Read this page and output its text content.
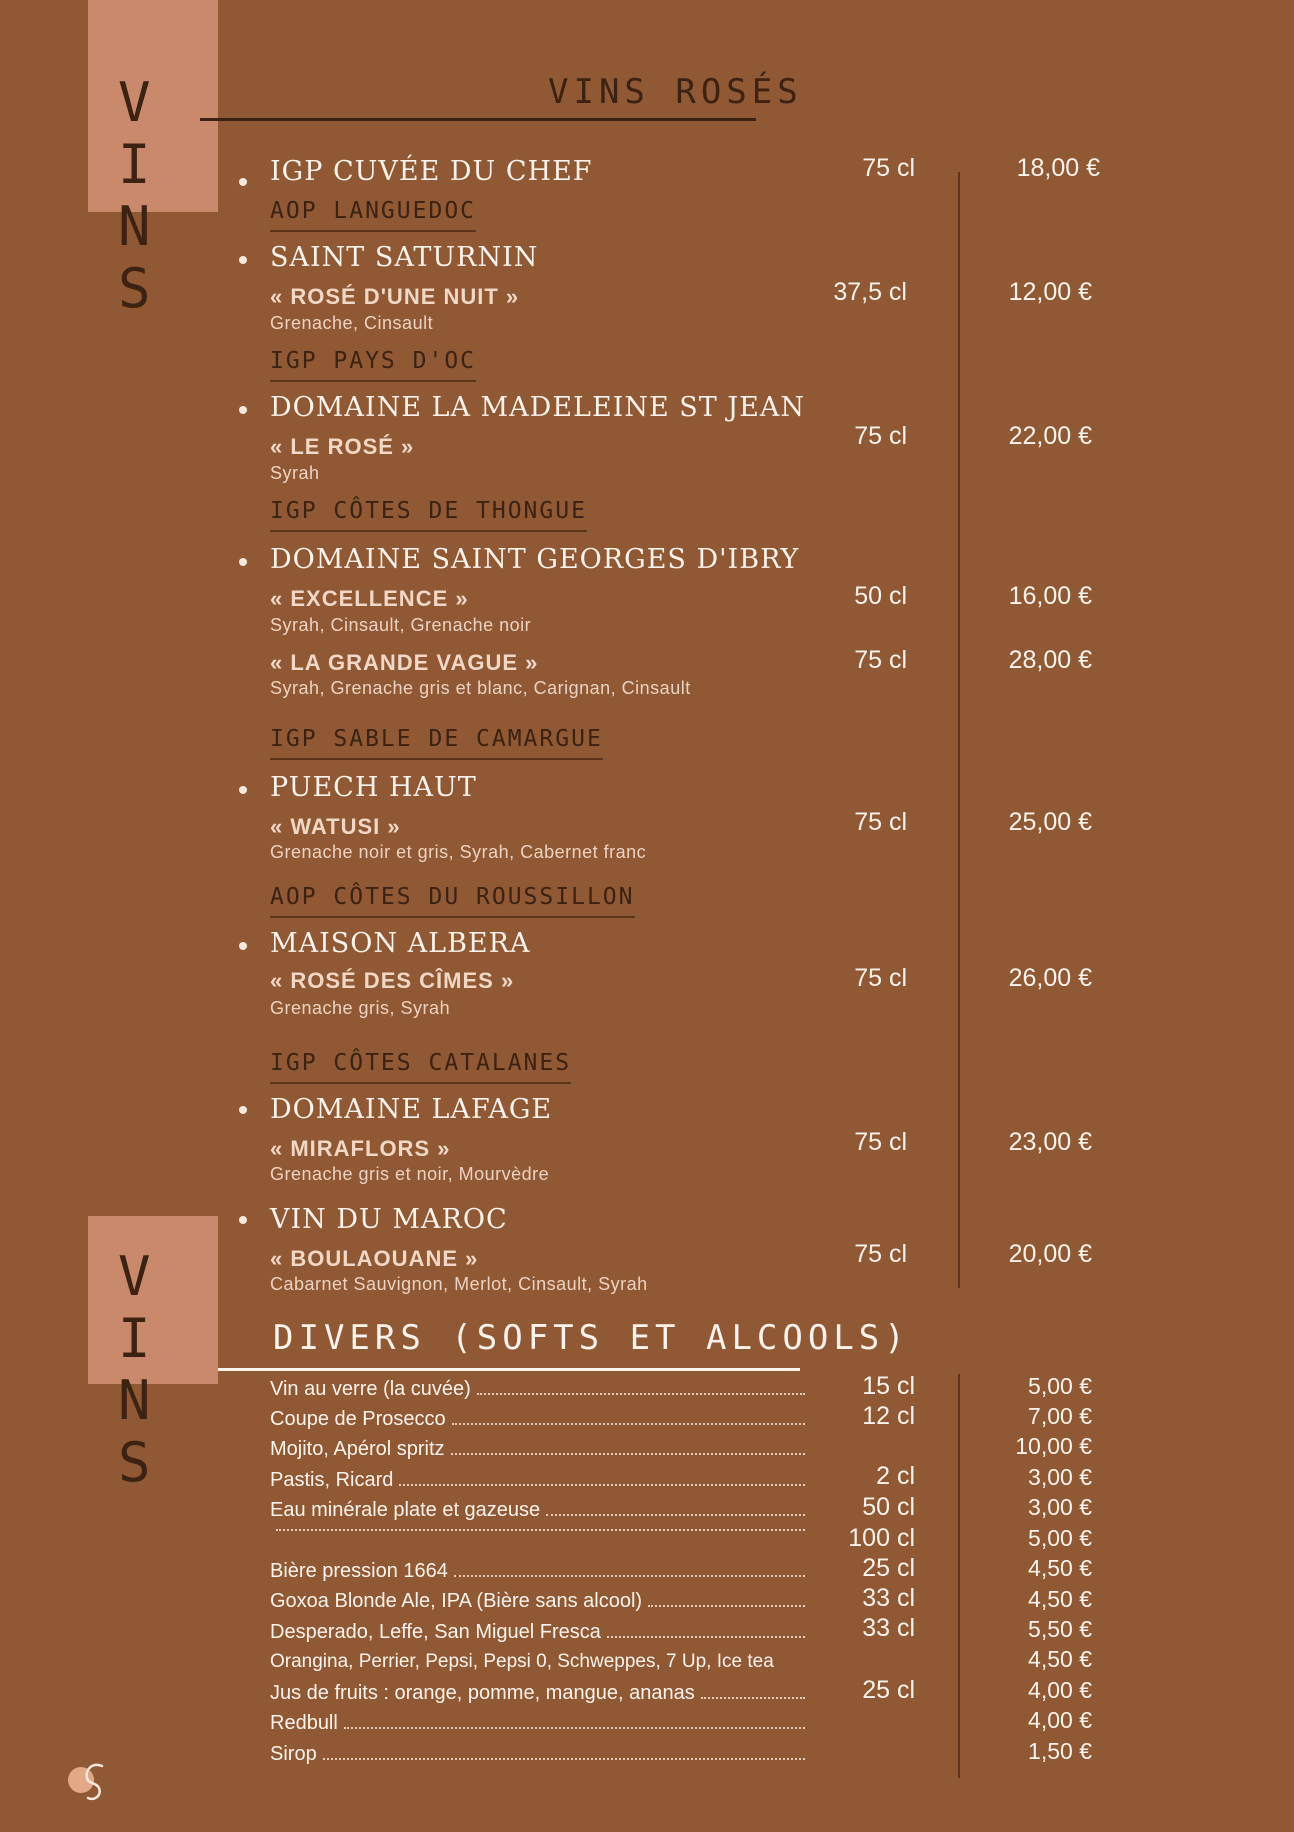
V I
N S
V I
N S
VINS ROSÉS
IGP CUVÉE DU CHEF	75 cl	18,00 €
AOP LANGUEDOC
SAINT SATURNIN
« ROSÉ D'UNE NUIT »
Grenache, Cinsault
37,5 cl	12,00 €
IGP PAYS D'OC
DOMAINE LA MADELEINE ST JEAN
« LE ROSÉ »
Syrah
75 cl	22,00 €
IGP CÔTES DE THONGUE
DOMAINE SAINT GEORGES D'IBRY
« EXCELLENCE »
Syrah, Cinsault, Grenache noir
50 cl	16,00 €
« LA GRANDE VAGUE »
Syrah, Grenache gris et blanc, Carignan, Cinsault
75 cl	28,00 €
IGP SABLE DE CAMARGUE
PUECH HAUT
« WATUSI »
Grenache noir et gris, Syrah, Cabernet franc
75 cl	25,00 €
AOP CÔTES DU ROUSSILLON
MAISON ALBERA
« ROSÉ DES CÎMES »
Grenache gris, Syrah
75 cl	26,00 €
IGP CÔTES CATALANES
DOMAINE LAFAGE
« MIRAFLORS »
Grenache gris et noir, Mourvèdre
75 cl	23,00 €
VIN DU MAROC
« BOULAOUANE »
Cabarnet Sauvignon, Merlot, Cinsault, Syrah
75 cl	20,00 €
DIVERS (SOFTS ET ALCOOLS)
Vin au verre (la cuvée)	15 cl	5,00 €
Coupe de Prosecco	12 cl	7,00 €
Mojito, Apérol spritz	10,00 €
Pastis, Ricard	2 cl	3,00 €
Eau minérale plate et gazeuse	50 cl	3,00 €
100 cl	5,00 €
Bière pression 1664	25 cl	4,50 €
Goxoa Blonde Ale, IPA (Bière sans alcool)	33 cl	4,50 €
Desperado, Leffe, San Miguel Fresca	33 cl	5,50 €
Orangina, Perrier, Pepsi, Pepsi 0, Schweppes, 7 Up, Ice tea	4,50 €
Jus de fruits : orange, pomme, mangue, ananas	25 cl	4,00 €
Redbull	4,00 €
Sirop	1,50 €
